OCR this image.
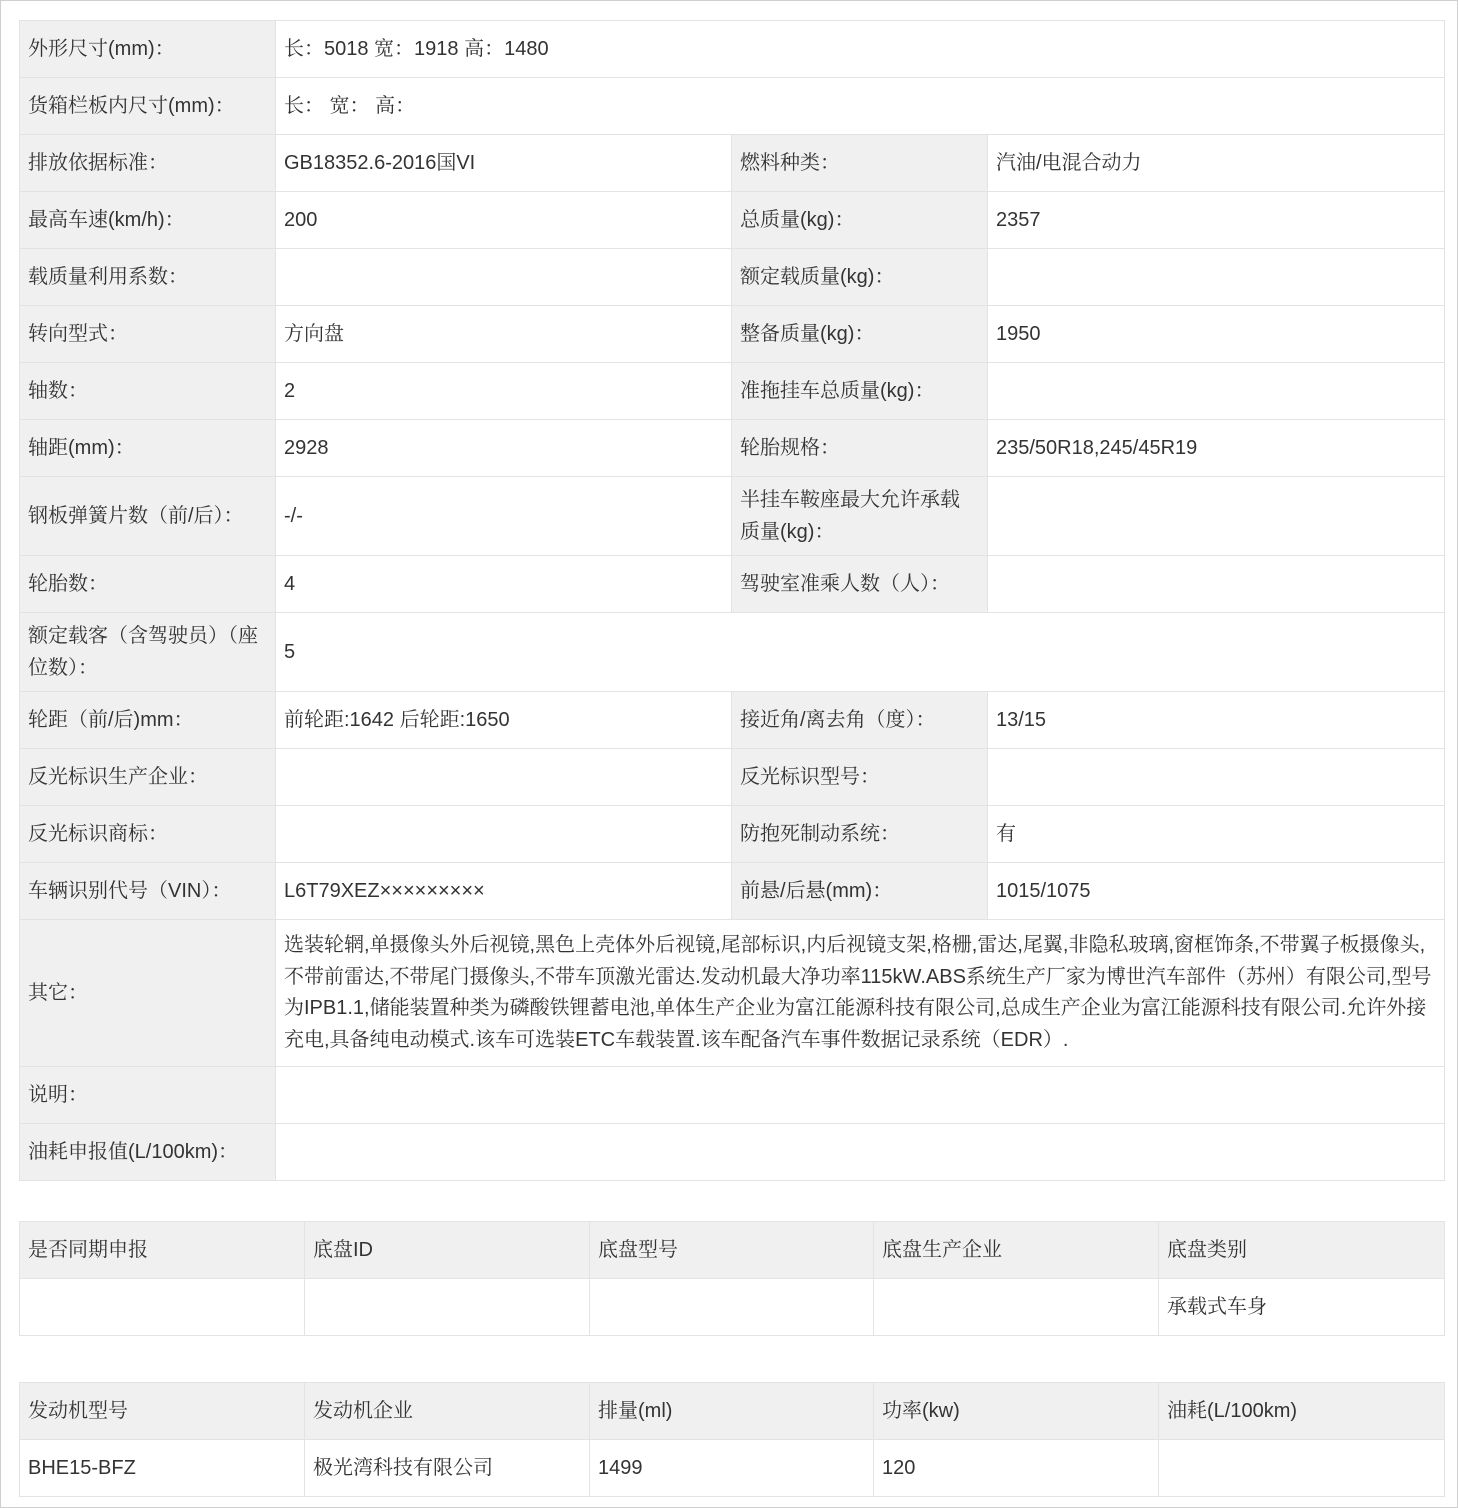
外形尺寸(mm)：	长：5018 宽：1918 高：1480		
货箱栏板内尺寸(mm)：	长： 宽： 高：		
排放依据标准：	GB18352.6-2016国VI	燃料种类：	汽油/电混合动力
最高车速(km/h)：	200	总质量(kg)：	2357
载质量利用系数：		额定载质量(kg)：	
转向型式：	方向盘	整备质量(kg)：	1950
轴数：	2	准拖挂车总质量(kg)：	
轴距(mm)：	2928	轮胎规格：	235/50R18,245/45R19
钢板弹簧片数（前/后）：	-/-	半挂车鞍座最大允许承载质量(kg)：	
轮胎数：	4	驾驶室准乘人数（人）：	
额定载客（含驾驶员）（座位数）：	5		
轮距（前/后)mm：	前轮距:1642 后轮距:1650	接近角/离去角（度）：	13/15
反光标识生产企业：		反光标识型号：	
反光标识商标：		防抱死制动系统：	有
车辆识别代号（VIN）：	L6T79XEZ×××××××××	前悬/后悬(mm)：	1015/1075
其它：	选装轮辋,单摄像头外后视镜,黑色上壳体外后视镜,尾部标识,内后视镜支架,格栅,雷达,尾翼,非隐私玻璃,窗框饰条,不带翼子板摄像头,不带前雷达,不带尾门摄像头,不带车顶激光雷达.发动机最大净功率115kW.ABS系统生产厂家为博世汽车部件（苏州）有限公司,型号为IPB1.1,储能装置种类为磷酸铁锂蓄电池,单体生产企业为富江能源科技有限公司,总成生产企业为富江能源科技有限公司.允许外接充电,具备纯电动模式.该车可选装ETC车载装置.该车配备汽车事件数据记录系统（EDR）.		
说明：			
油耗申报值(L/100km)：			
是否同期申报	底盘ID	底盘型号	底盘生产企业	底盘类别
				承载式车身
发动机型号	发动机企业	排量(ml)	功率(kw)	油耗(L/100km)
BHE15-BFZ	极光湾科技有限公司	1499	120	
